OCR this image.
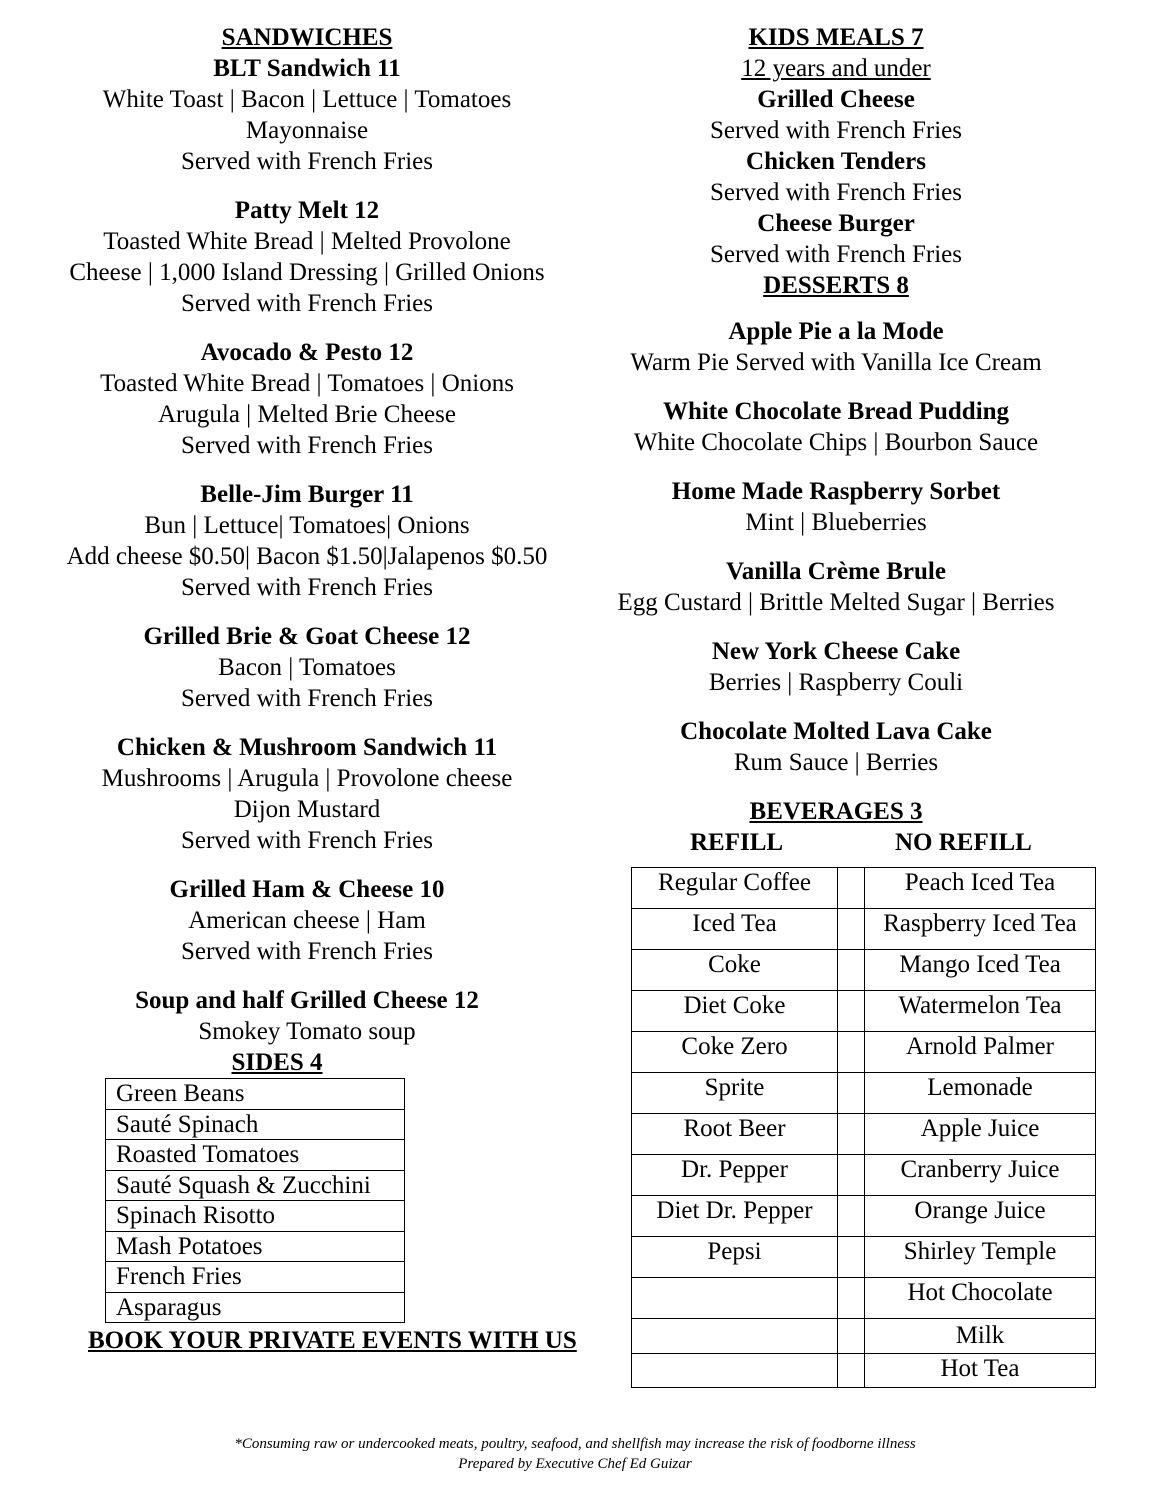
SANDWICHES
BLT Sandwich 11
White Toast | Bacon | Lettuce | Tomatoes
Mayonnaise
Served with French Fries
Patty Melt 12
Toasted White Bread | Melted Provolone
Cheese | 1,000 Island Dressing | Grilled Onions
Served with French Fries
Avocado & Pesto 12
Toasted White Bread | Tomatoes | Onions
Arugula | Melted Brie Cheese
Served with French Fries
Belle-Jim Burger 11
Bun | Lettuce| Tomatoes| Onions
Add cheese $0.50| Bacon $1.50|Jalapenos $0.50
Served with French Fries
Grilled Brie & Goat Cheese 12
Bacon | Tomatoes
Served with French Fries
Chicken & Mushroom Sandwich 11
Mushrooms | Arugula | Provolone cheese
Dijon Mustard
Served with French Fries
Grilled Ham & Cheese 10
American cheese | Ham
Served with French Fries
Soup and half Grilled Cheese 12
Smokey Tomato soup
SIDES 4
Green Beans
Sauté Spinach
Roasted Tomatoes
Sauté Squash & Zucchini
Spinach Risotto
Mash Potatoes
French Fries
Asparagus
BOOK YOUR PRIVATE EVENTS WITH US
KIDS MEALS 7
12 years and under
Grilled Cheese
Served with French Fries
Chicken Tenders
Served with French Fries
Cheese Burger
Served with French Fries
DESSERTS 8
Apple Pie a la Mode
Warm Pie Served with Vanilla Ice Cream
White Chocolate Bread Pudding
White Chocolate Chips | Bourbon Sauce
Home Made Raspberry Sorbet
Mint | Blueberries
Vanilla Crème Brule
Egg Custard | Brittle Melted Sugar | Berries
New York Cheese Cake
Berries | Raspberry Couli
Chocolate Molted Lava Cake
Rum Sauce | Berries
BEVERAGES 3
REFILL	NO REFILL
Regular Coffee		Peach Iced Tea
Iced Tea		Raspberry Iced Tea
Coke		Mango Iced Tea
Diet Coke		Watermelon Tea
Coke Zero		Arnold Palmer
Sprite		Lemonade
Root Beer		Apple Juice
Dr. Pepper		Cranberry Juice
Diet Dr. Pepper		Orange Juice
Pepsi		Shirley Temple
		Hot Chocolate
		Milk
		Hot Tea
*Consuming raw or undercooked meats, poultry, seafood, and shellfish may increase the risk of foodborne illness
Prepared by Executive Chef Ed Guizar
